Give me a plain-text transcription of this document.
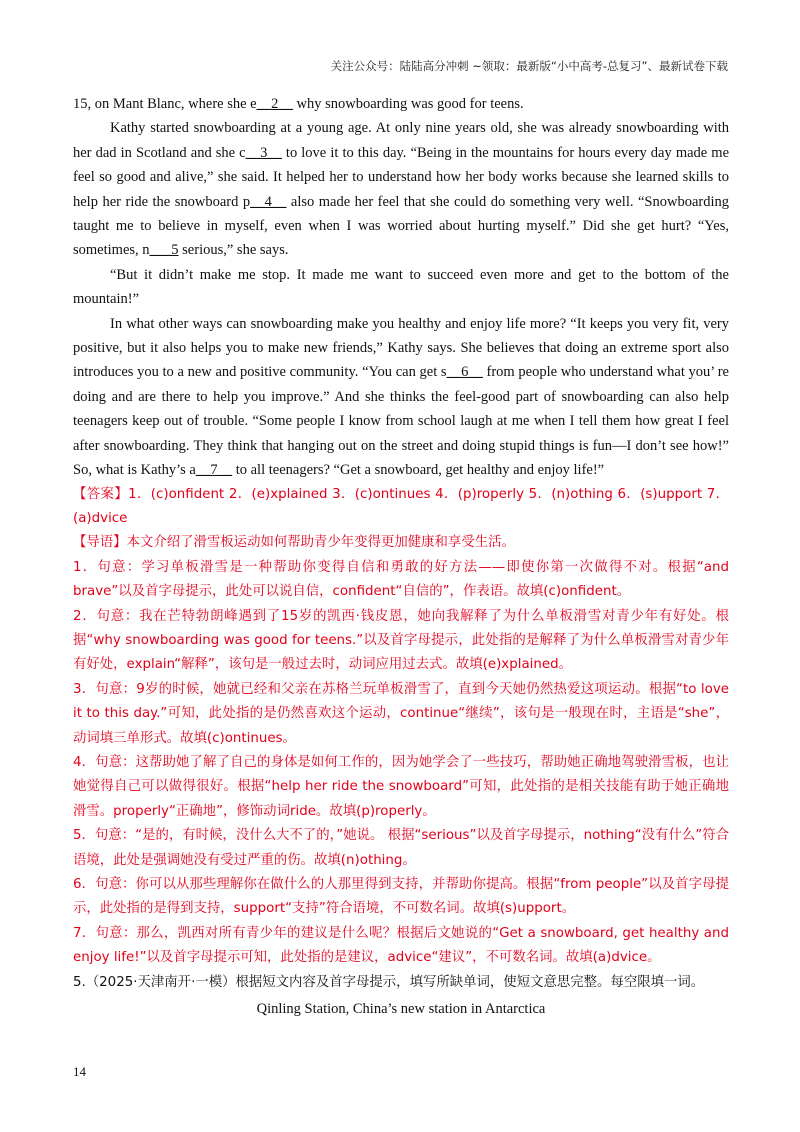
关注公众号：陆陆高分冲刺 ~领取：最新版“小中高考-总复习”、最新试卷下载

15, on Mant Blanc, where she e__2__ why snowboarding was good for teens.

Kathy started snowboarding at a young age. At only nine years old, she was already snowboarding with her dad in Scotland and she c__3__ to love it to this day. “Being in the mountains for hours every day made me feel so good and alive,” she said. It helped her to understand how her body works because she learned skills to help her ride the snowboard p__4__ also made her feel that she could do something very well. “Snowboarding taught me to believe in myself, even when I was worried about hurting myself.” Did she get hurt? “Yes, sometimes, n___5 serious,” she says.

“But it didn’t make me stop. It made me want to succeed even more and get to the bottom of the mountain!”

In what other ways can snowboarding make you healthy and enjoy life more? “It keeps you very fit, very positive, but it also helps you to make new friends,” Kathy says. She believes that doing an extreme sport also introduces you to a new and positive community. “You can get s__6__ from people who understand what you’ re doing and are there to help you improve.” And she thinks the feel-good part of snowboarding can also help teenagers keep out of trouble. “Some people I know from school laugh at me when I tell them how great I feel after snowboarding. They think that hanging out on the street and doing stupid things is fun—I don’t see how!” So, what is Kathy’s a__7__ to all teenagers? “Get a snowboard, get healthy and enjoy life!”

【答案】1．(c)onfident 2．(e)xplained 3．(c)ontinues 4．(p)roperly 5．(n)othing 6．(s)upport 7．(a)dvice

【导语】本文介绍了滑雪板运动如何帮助青少年变得更加健康和享受生活。

1．句意：学习单板滑雪是一种帮助你变得自信和勇敢的好方法——即使你第一次做得不对。根据“and brave”以及首字母提示，此处可以说自信，confident“自信的”，作表语。故填(c)onfident。

2．句意：我在芒特勃朗峰遇到了15岁的凯西·钱皮恩，她向我解释了为什么单板滑雪对青少年有好处。根据“why snowboarding was good for teens.”以及首字母提示，此处指的是解释了为什么单板滑雪对青少年有好处，explain“解释”，该句是一般过去时，动词应用过去式。故填(e)xplained。

3．句意：9岁的时候，她就已经和父亲在苏格兰玩单板滑雪了，直到今天她仍然热爱这项运动。根据“to love it to this day.”可知，此处指的是仍然喜欢这个运动，continue“继续”，该句是一般现在时，主语是“she”，动词填三单形式。故填(c)ontinues。

4．句意：这帮助她了解了自己的身体是如何工作的，因为她学会了一些技巧，帮助她正确地驾驶滑雪板，也让她觉得自己可以做得很好。根据“help her ride the snowboard”可知，此处指的是相关技能有助于她正确地滑雪。properly“正确地”，修饰动词ride。故填(p)roperly。

5．句意：“是的，有时候，没什么大不了的，”她说。 根据“serious”以及首字母提示，nothing“没有什么”符合语境，此处是强调她没有受过严重的伤。故填(n)othing。

6．句意：你可以从那些理解你在做什么的人那里得到支持，并帮助你提高。根据“from people”以及首字母提示，此处指的是得到支持，support“支持”符合语境，不可数名词。故填(s)upport。

7．句意：那么，凯西对所有青少年的建议是什么呢？根据后文她说的“Get a snowboard, get healthy and enjoy life!”以及首字母提示可知，此处指的是建议，advice“建议”，不可数名词。故填(a)dvice。

5.（2025·天津南开·一模）根据短文内容及首字母提示，填写所缺单词，使短文意思完整。每空限填一词。

Qinling Station, China’s new station in Antarctica

14
